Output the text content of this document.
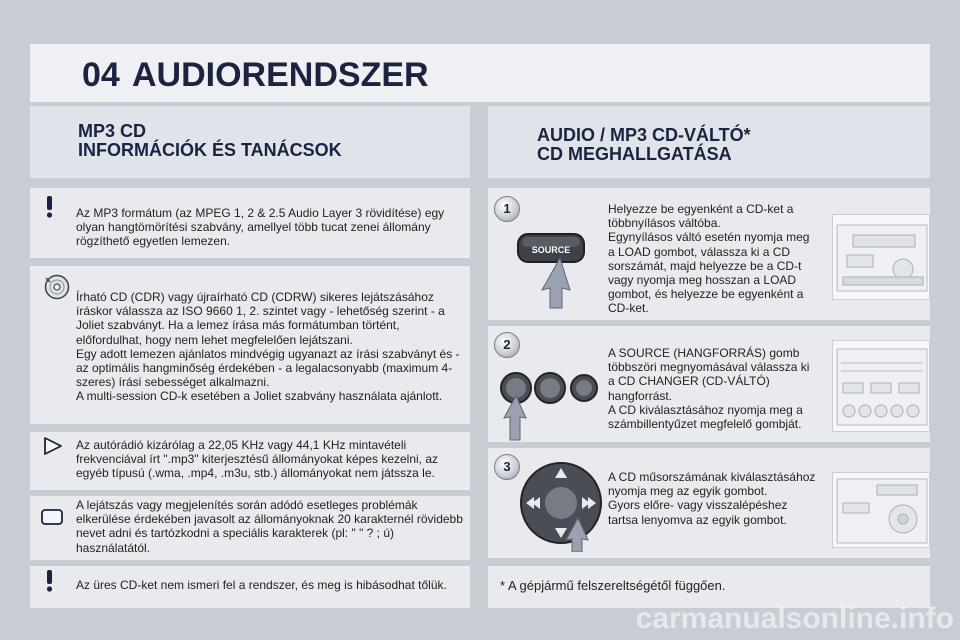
04 AUDIORENDSZER
MP3 CD
INFORMÁCIÓK ÉS TANÁCSOK
AUDIO / MP3 CD-VÁLTÓ*
CD MEGHALLGATÁSA

Az MP3 formátum (az MPEG 1, 2 & 2.5 Audio Layer 3 rövidítése) egy olyan hangtömörítési szabvány, amellyel több tucat zenei állomány rögzíthető egyetlen lemezen.

Írható CD (CDR) vagy újraírható CD (CDRW) sikeres lejátszásához íráskor válassza az ISO 9660 1, 2. szintet vagy - lehetőség szerint - a Joliet szabványt. Ha a lemez írása más formátumban történt, előfordulhat, hogy nem lehet megfelelően lejátszani.

Egy adott lemezen ajánlatos mindvégig ugyanazt az írási szabványt és - az optimális hangminőség érdekében - a legalacsonyabb (maximum 4-szeres) írási sebességet alkalmazni.

A multi-session CD-k esetében a Joliet szabvány használata ajánlott.

Az autórádió kizárólag a 22,05 KHz vagy 44,1 KHz mintavételi frekvenciával írt ".mp3" kiterjesztésű állományokat képes kezelni, az egyéb típusú (.wma, .mp4, .m3u, stb.) állományokat nem játssza le.

A lejátszás vagy megjelenítés során adódó esetleges problémák elkerülése érdekében javasolt az állományoknak 20 karakternél rövidebb nevet adni és tartózkodni a speciális karakterek (pl: " " ? ; ú) használatától.

Az üres CD-ket nem ismeri fel a rendszer, és meg is hibásodhat tőlük.

1
SOURCE

Helyezze be egyenként a CD-ket a többnyílásos váltóba.

Egynyílásos váltó esetén nyomja meg a LOAD gombot, válassza ki a CD sorszámát, majd helyezze be a CD-t vagy nyomja meg hosszan a LOAD gombot, és helyezze be egyenként a CD-ket.

2

A SOURCE (HANGFORRÁS) gomb többszöri megnyomásával válassza ki a CD CHANGER (CD-VÁLTÓ) hangforrást.

A CD kiválasztásához nyomja meg a számbillentyűzet megfelelő gombját.

3

A CD műsorszámának kiválasztásához nyomja meg az egyik gombot.

Gyors előre- vagy visszalépéshez tartsa lenyomva az egyik gombot.

* A gépjármű felszereltségétől függően.

carmanualsonline.info
